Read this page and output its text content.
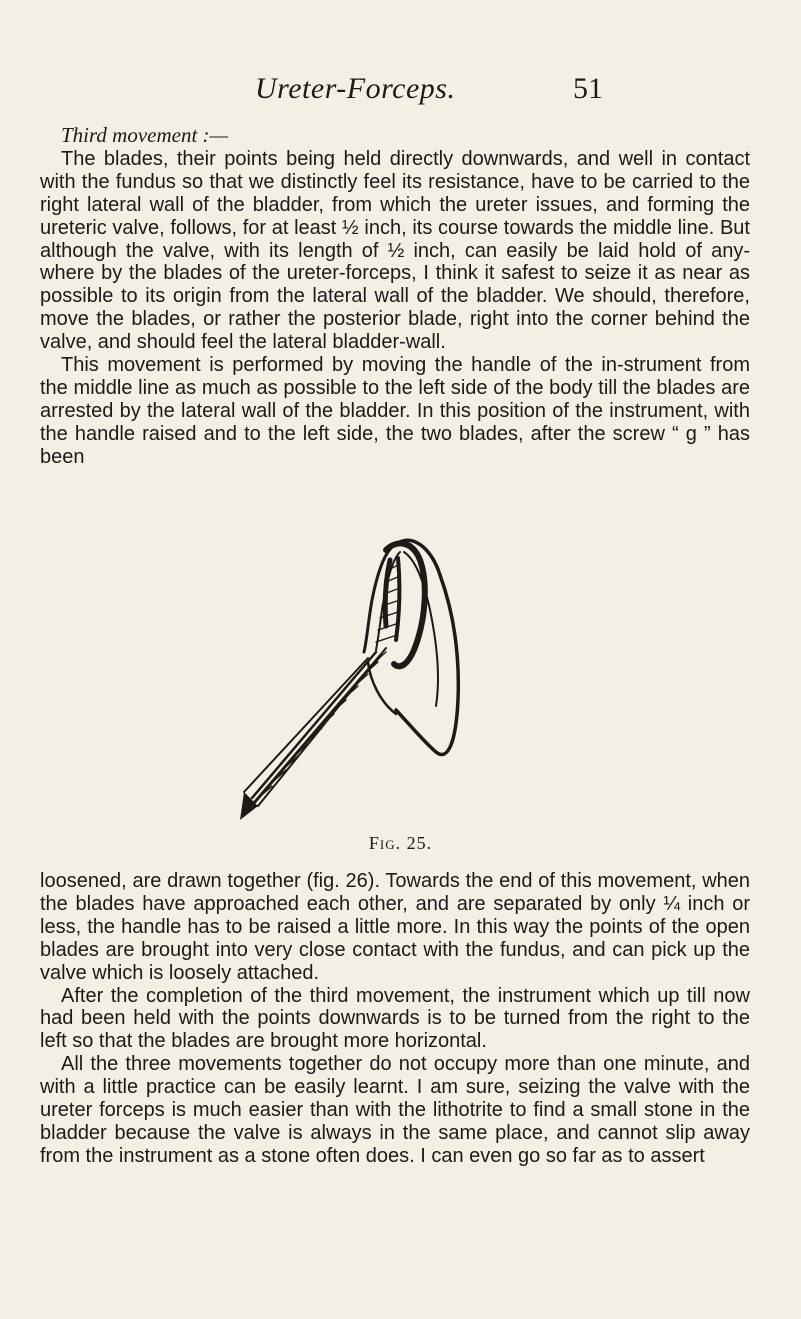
Ureter-Forceps.	51

Third movement :—

The blades, their points being held directly downwards, and well in contact with the fundus so that we distinctly feel its resistance, have to be carried to the right lateral wall of the bladder, from which the ureter issues, and forming the ureteric valve, follows, for at least ½ inch, its course towards the middle line. But although the valve, with its length of ½ inch, can easily be laid hold of any-where by the blades of the ureter-forceps, I think it safest to seize it as near as possible to its origin from the lateral wall of the bladder. We should, therefore, move the blades, or rather the posterior blade, right into the corner behind the valve, and should feel the lateral bladder-wall.

This movement is performed by moving the handle of the in-strument from the middle line as much as possible to the left side of the body till the blades are arrested by the lateral wall of the bladder. In this position of the instrument, with the handle raised and to the left side, the two blades, after the screw “ g ” has been

Fig. 25.

loosened, are drawn together (fig. 26). Towards the end of this movement, when the blades have approached each other, and are separated by only ¼ inch or less, the handle has to be raised a little more. In this way the points of the open blades are brought into very close contact with the fundus, and can pick up the valve which is loosely attached.

After the completion of the third movement, the instrument which up till now had been held with the points downwards is to be turned from the right to the left so that the blades are brought more horizontal.

All the three movements together do not occupy more than one minute, and with a little practice can be easily learnt. I am sure, seizing the valve with the ureter forceps is much easier than with the lithotrite to find a small stone in the bladder because the valve is always in the same place, and cannot slip away from the instrument as a stone often does. I can even go so far as to assert
